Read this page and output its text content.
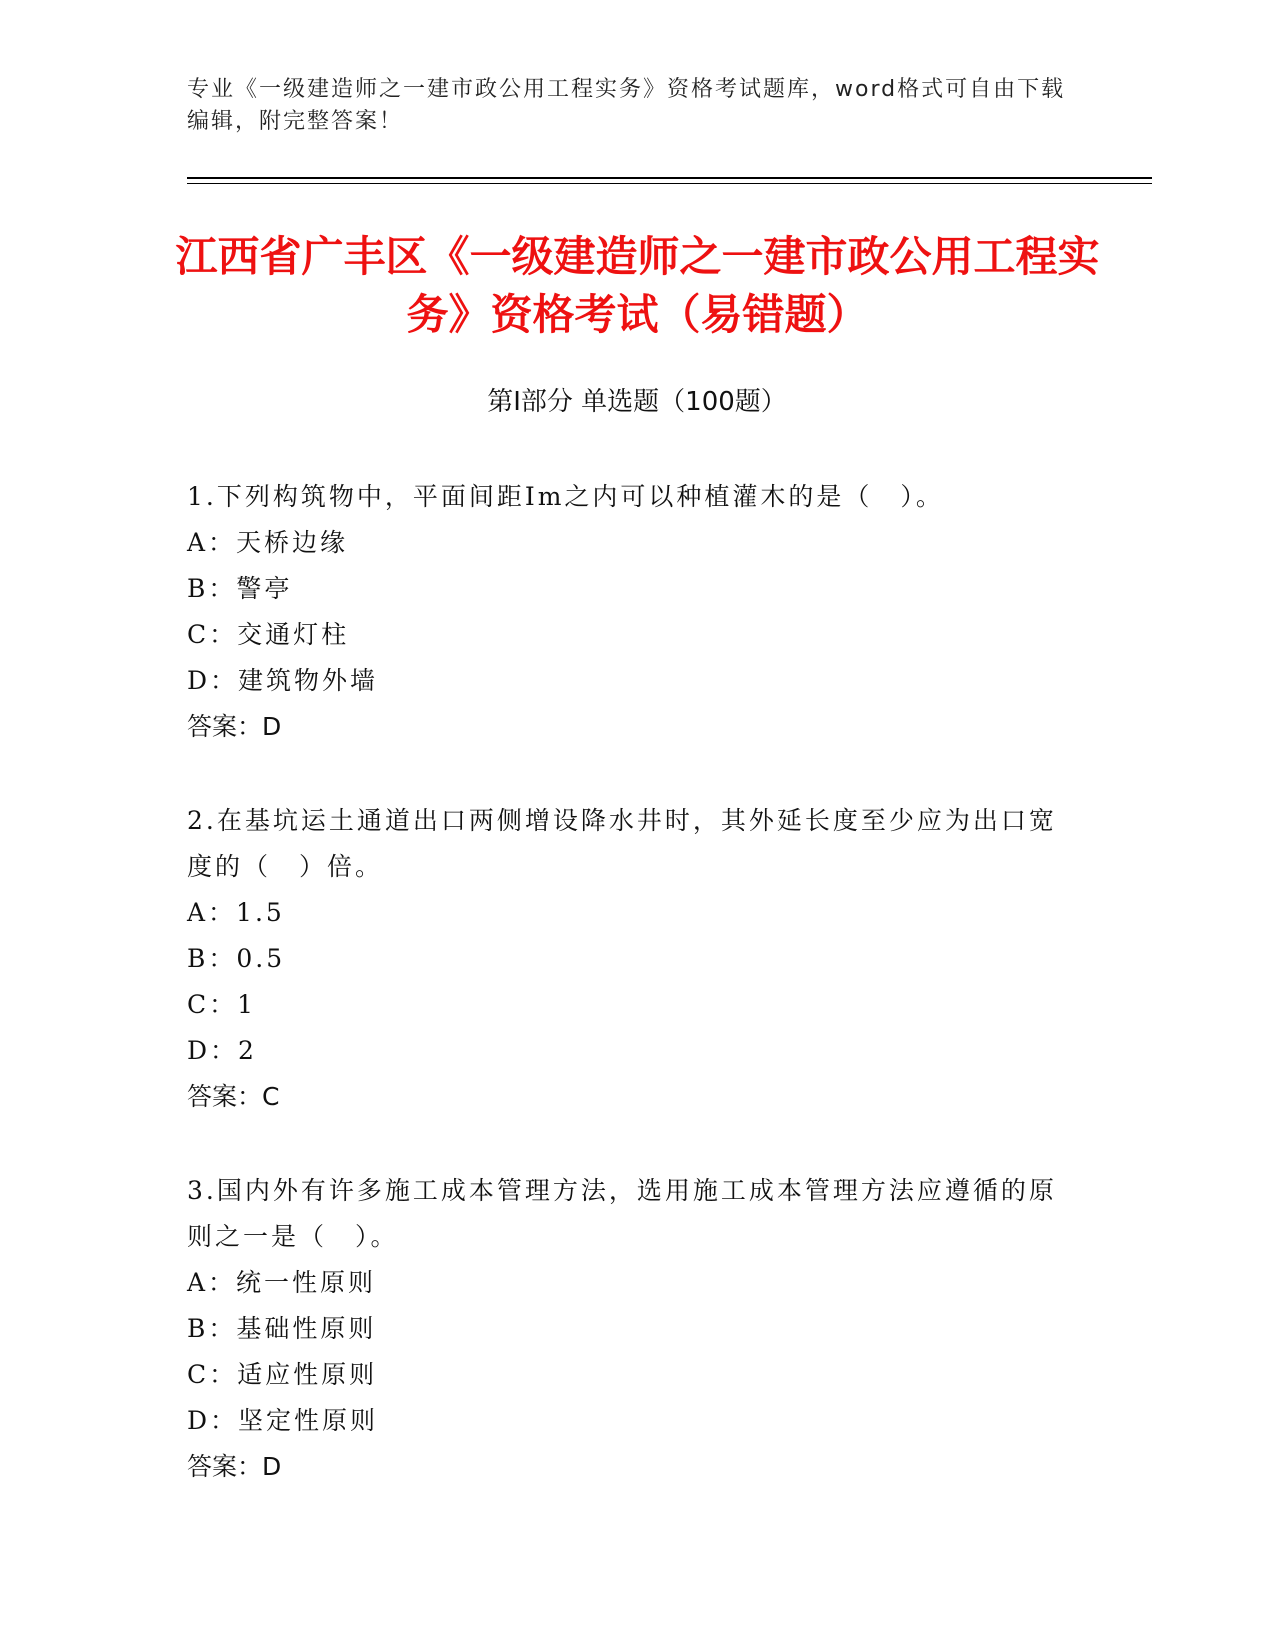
专业《一级建造师之一建市政公用工程实务》资格考试题库，word格式可自由下载编辑，附完整答案！
江西省广丰区《一级建造师之一建市政公用工程实务》资格考试（易错题）
第Ⅰ部分 单选题（100题）
1.下列构筑物中，平面间距Im之内可以种植灌木的是（　）。
A：天桥边缘
B：警亭
C：交通灯柱
D：建筑物外墙
答案：D
2.在基坑运土通道出口两侧增设降水井时，其外延长度至少应为出口宽度的（　）倍。
A：1.5
B：0.5
C：1
D：2
答案：C
3.国内外有许多施工成本管理方法，选用施工成本管理方法应遵循的原则之一是（　）。
A：统一性原则
B：基础性原则
C：适应性原则
D：坚定性原则
答案：D
